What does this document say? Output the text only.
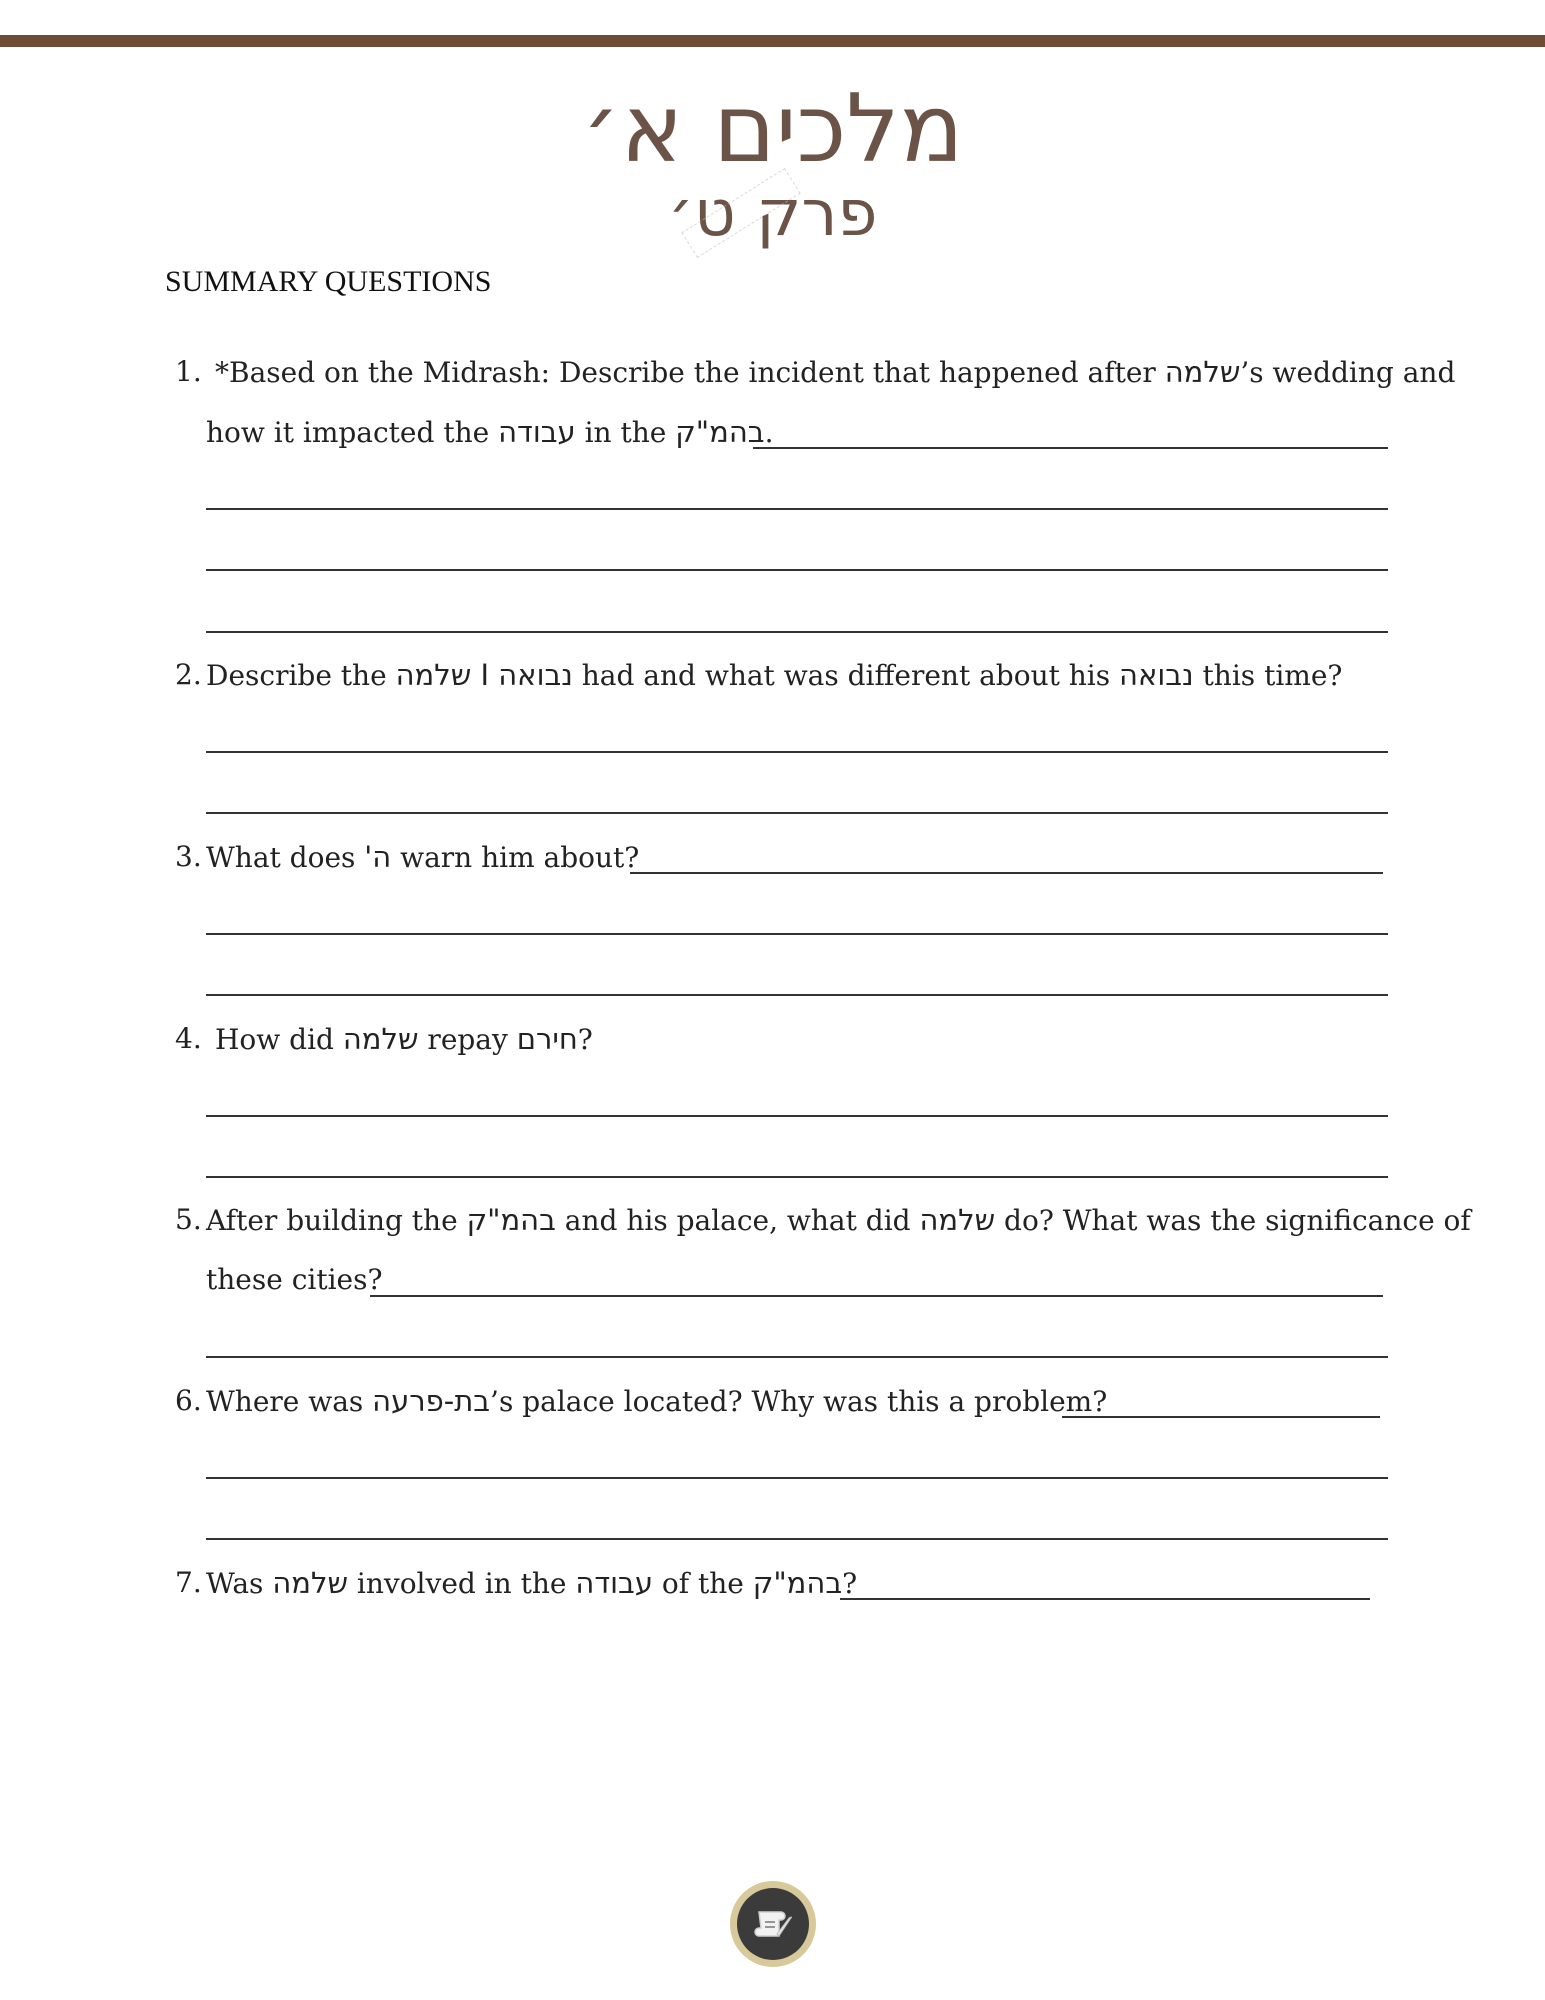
מלכים א׳
פרק ט׳
SUMMARY QUESTIONS
1. *Based on the Midrash: Describe the incident that happened after שלמה’s wedding and
how it impacted the עבודה in the בהמ"ק.
2. Describe the נבואה I שלמה had and what was different about his נבואה this time?
3. What does ה' warn him about?
4. How did שלמה repay חירם?
5. After building the בהמ"ק and his palace, what did שלמה do? What was the significance of
these cities?
6. Where was בת-פרעה’s palace located? Why was this a problem?
7. Was שלמה involved in the עבודה of the בהמ"ק?
